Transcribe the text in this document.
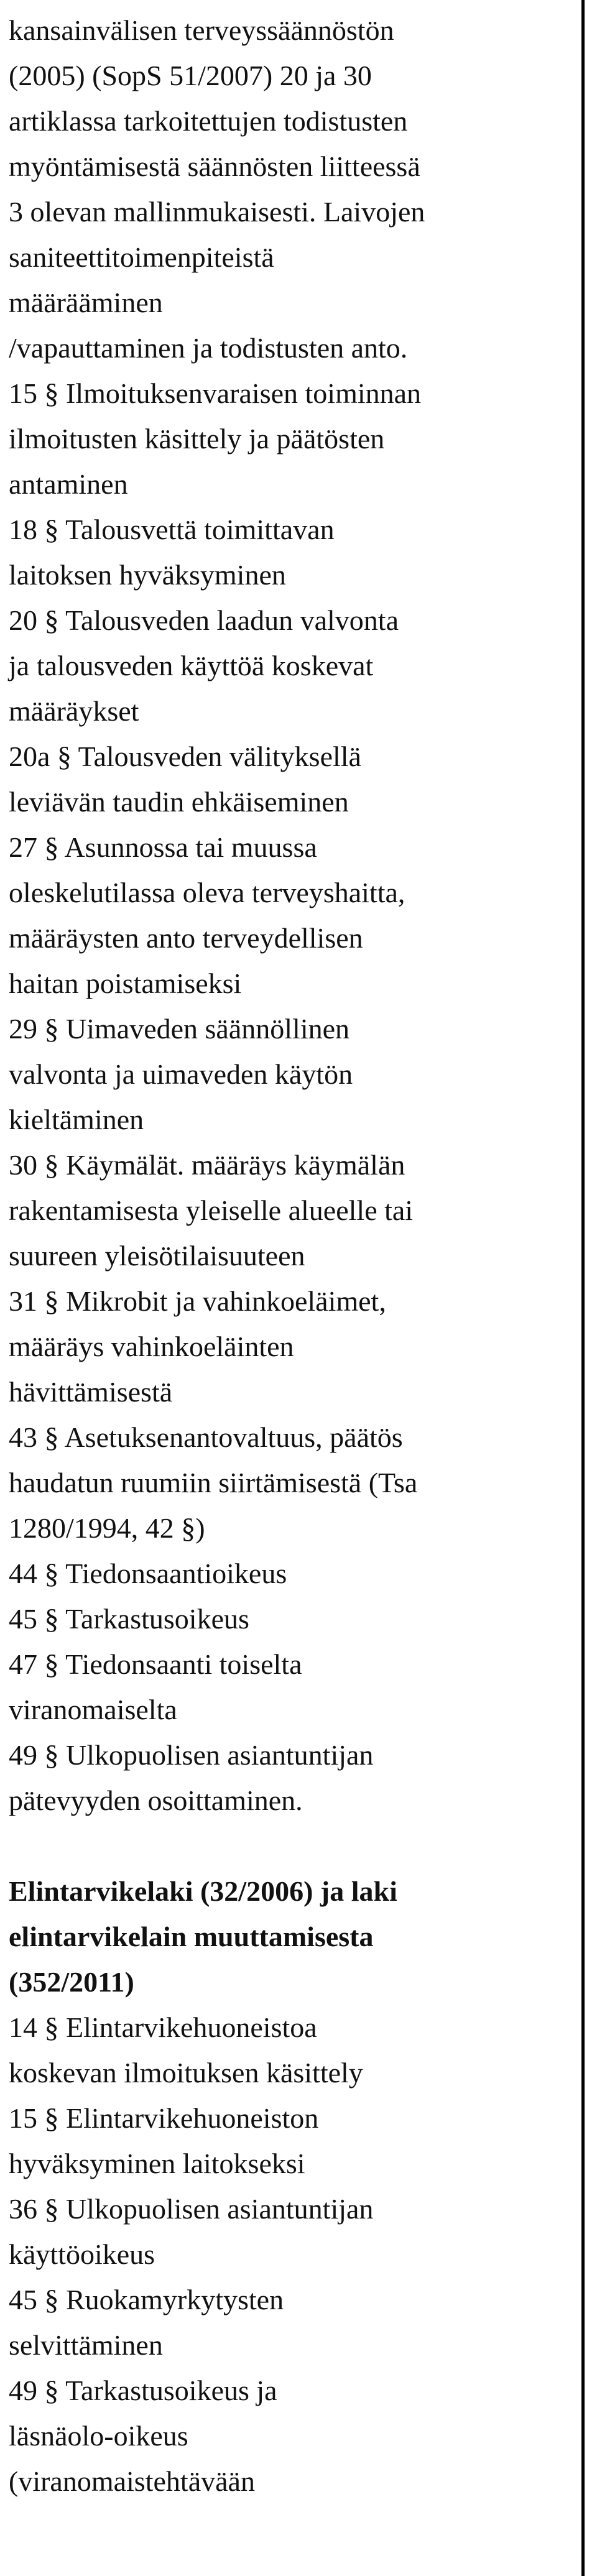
kansainvälisen terveyssäännöstön
(2005) (SopS 51/2007) 20 ja 30
artiklassa tarkoitettujen todistusten
myöntämisestä säännösten liitteessä
3 olevan mallinmukaisesti. Laivojen
saniteettitoimenpiteistä
määrääminen
/vapauttaminen ja todistusten anto.
15 § Ilmoituksenvaraisen toiminnan
ilmoitusten käsittely ja päätösten
antaminen
18 § Talousvettä toimittavan
laitoksen hyväksyminen
20 § Talousveden laadun valvonta
ja talousveden käyttöä koskevat
määräykset
20a § Talousveden välityksellä
leviävän taudin ehkäiseminen
27 § Asunnossa tai muussa
oleskelutilassa oleva terveyshaitta,
määräysten anto terveydellisen
haitan poistamiseksi
29 § Uimaveden säännöllinen
valvonta ja uimaveden käytön
kieltäminen
30 § Käymälät. määräys käymälän
rakentamisesta yleiselle alueelle tai
suureen yleisötilaisuuteen
31 § Mikrobit ja vahinkoeläimet,
määräys vahinkoeläinten
hävittämisestä
43 § Asetuksenantovaltuus, päätös
haudatun ruumiin siirtämisestä (Tsa
1280/1994, 42 §)
44 § Tiedonsaantioikeus
45 § Tarkastusoikeus
47 § Tiedonsaanti toiselta
viranomaiselta
49 § Ulkopuolisen asiantuntijan
pätevyyden osoittaminen.
Elintarvikelaki (32/2006) ja laki
elintarvikelain muuttamisesta
(352/2011)
14 § Elintarvikehuoneistoa
koskevan ilmoituksen käsittely
15 § Elintarvikehuoneiston
hyväksyminen laitokseksi
36 § Ulkopuolisen asiantuntijan
käyttöoikeus
45 § Ruokamyrkytysten
selvittäminen
49 § Tarkastusoikeus ja
läsnäolo-oikeus
(viranomaistehtävään
